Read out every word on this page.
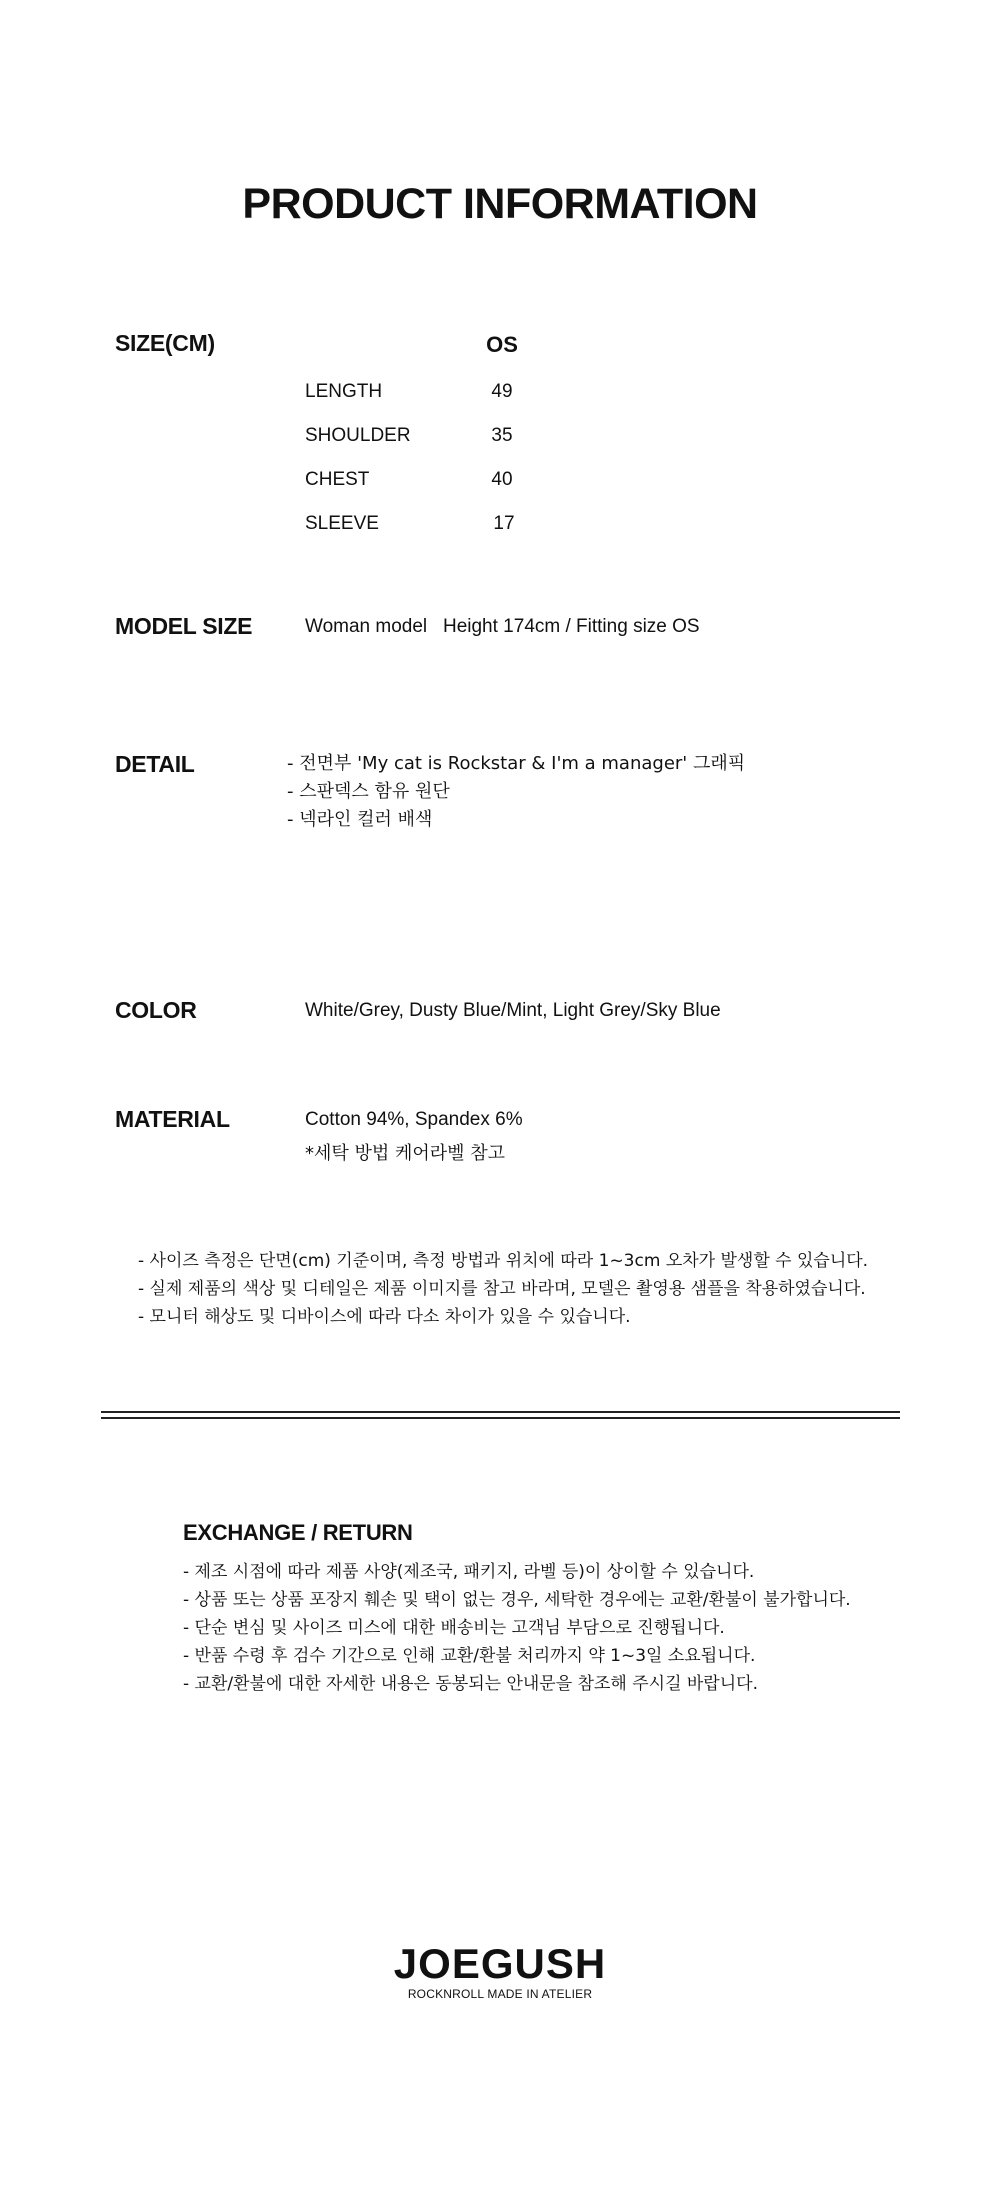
PRODUCT INFORMATION
SIZE(CM)	OS
LENGTH	49
SHOULDER	35
CHEST	40
SLEEVE	17
MODEL SIZE	Woman model   Height 174cm / Fitting size OS
DETAIL	- 전면부 'My cat is Rockstar & I'm a manager' 그래픽
- 스판덱스 함유 원단
- 넥라인 컬러 배색
COLOR	White/Grey, Dusty Blue/Mint, Light Grey/Sky Blue
MATERIAL	Cotton 94%, Spandex 6%
*세탁 방법 케어라벨 참고
- 사이즈 측정은 단면(cm) 기준이며, 측정 방법과 위치에 따라 1~3cm 오차가 발생할 수 있습니다.
- 실제 제품의 색상 및 디테일은 제품 이미지를 참고 바라며, 모델은 촬영용 샘플을 착용하였습니다.
- 모니터 해상도 및 디바이스에 따라 다소 차이가 있을 수 있습니다.
EXCHANGE / RETURN
- 제조 시점에 따라 제품 사양(제조국, 패키지, 라벨 등)이 상이할 수 있습니다.
- 상품 또는 상품 포장지 훼손 및 택이 없는 경우, 세탁한 경우에는 교환/환불이 불가합니다.
- 단순 변심 및 사이즈 미스에 대한 배송비는 고객님 부담으로 진행됩니다.
- 반품 수령 후 검수 기간으로 인해 교환/환불 처리까지 약 1~3일 소요됩니다.
- 교환/환불에 대한 자세한 내용은 동봉되는 안내문을 참조해 주시길 바랍니다.
JOEGUSH
ROCKNROLL MADE IN ATELIER
